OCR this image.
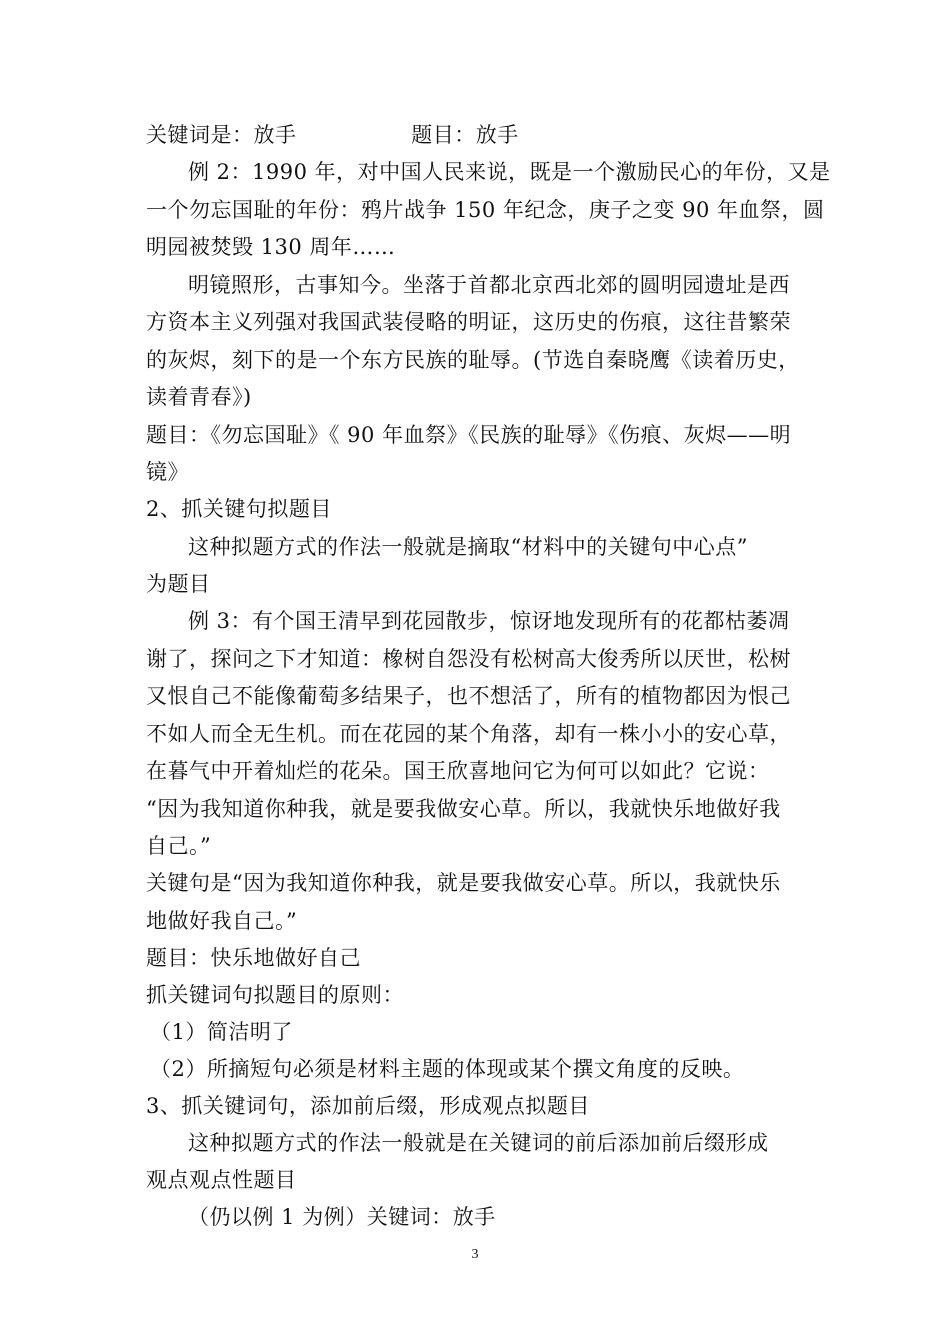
关键词是：放手                题目：放手
例 2：1990 年，对中国人民来说，既是一个激励民心的年份，又是
一个勿忘国耻的年份：鸦片战争 150 年纪念，庚子之变 90 年血祭，圆
明园被焚毁 130 周年……
明镜照形，古事知今。坐落于首都北京西北郊的圆明园遗址是西
方资本主义列强对我国武装侵略的明证，这历史的伤痕，这往昔繁荣
的灰烬，刻下的是一个东方民族的耻辱。(节选自秦晓鹰《读着历史，
读着青春》)
题目：《勿忘国耻》《 90 年血祭》《民族的耻辱》《伤痕、灰烬——明
镜》
2、抓关键句拟题目
这种拟题方式的作法一般就是摘取“材料中的关键句中心点”
为题目
例 3：有个国王清早到花园散步，惊讶地发现所有的花都枯萎凋
谢了，探问之下才知道：橡树自怨没有松树高大俊秀所以厌世，松树
又恨自己不能像葡萄多结果子，也不想活了，所有的植物都因为恨己
不如人而全无生机。而在花园的某个角落，却有一株小小的安心草，
在暮气中开着灿烂的花朵。国王欣喜地问它为何可以如此？它说：
“因为我知道你种我，就是要我做安心草。所以，我就快乐地做好我
自己。”
关键句是“因为我知道你种我，就是要我做安心草。所以，我就快乐
地做好我自己。”
题目：快乐地做好自己
抓关键词句拟题目的原则：
（1）简洁明了
（2）所摘短句必须是材料主题的体现或某个撰文角度的反映。
3、抓关键词句，添加前后缀，形成观点拟题目
这种拟题方式的作法一般就是在关键词的前后添加前后缀形成
观点观点性题目
（仍以例 1 为例）关键词：放手
3
